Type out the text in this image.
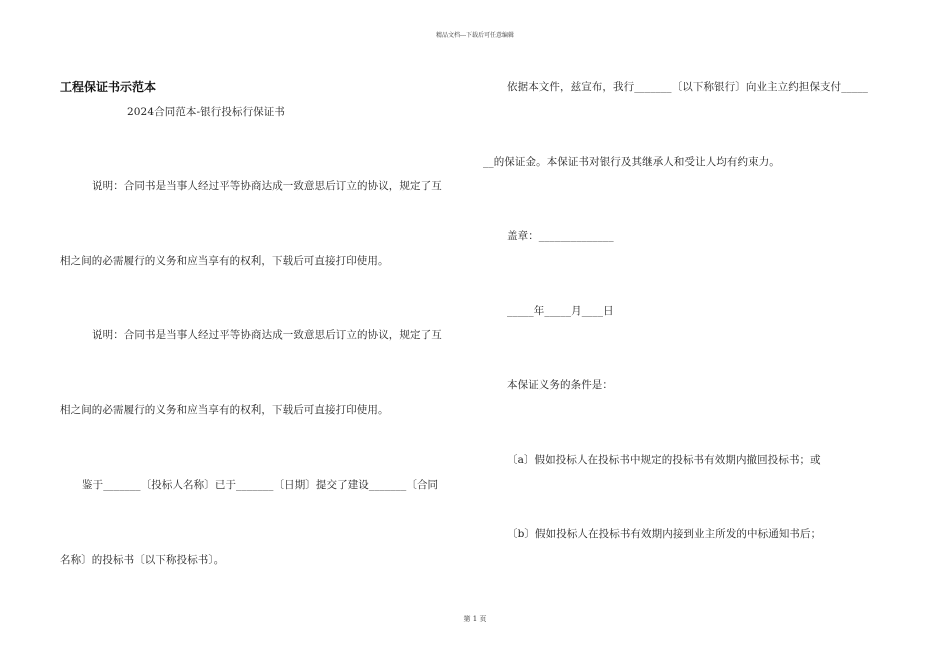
精品文档---下载后可任意编辑
工程保证书示范本
2024合同范本-银行投标行保证书
说明：合同书是当事人经过平等协商达成一致意思后订立的协议，规定了互
相之间的必需履行的义务和应当享有的权利，下载后可直接打印使用。
说明：合同书是当事人经过平等协商达成一致意思后订立的协议，规定了互
相之间的必需履行的义务和应当享有的权利，下载后可直接打印使用。
鉴于_______〔投标人名称〕已于_______〔日期〕提交了建设_______〔合同
名称〕的投标书〔以下称投标书〕。
依据本文件，兹宣布，我行_______〔以下称银行〕向业主立约担保支付_____
__的保证金。本保证书对银行及其继承人和受让人均有约束力。
盖章：______________
_____年_____月____日
本保证义务的条件是：
〔a〕假如投标人在投标书中规定的投标书有效期内撤回投标书；或
〔b〕假如投标人在投标书有效期内接到业主所发的中标通知书后；
第 1 页
